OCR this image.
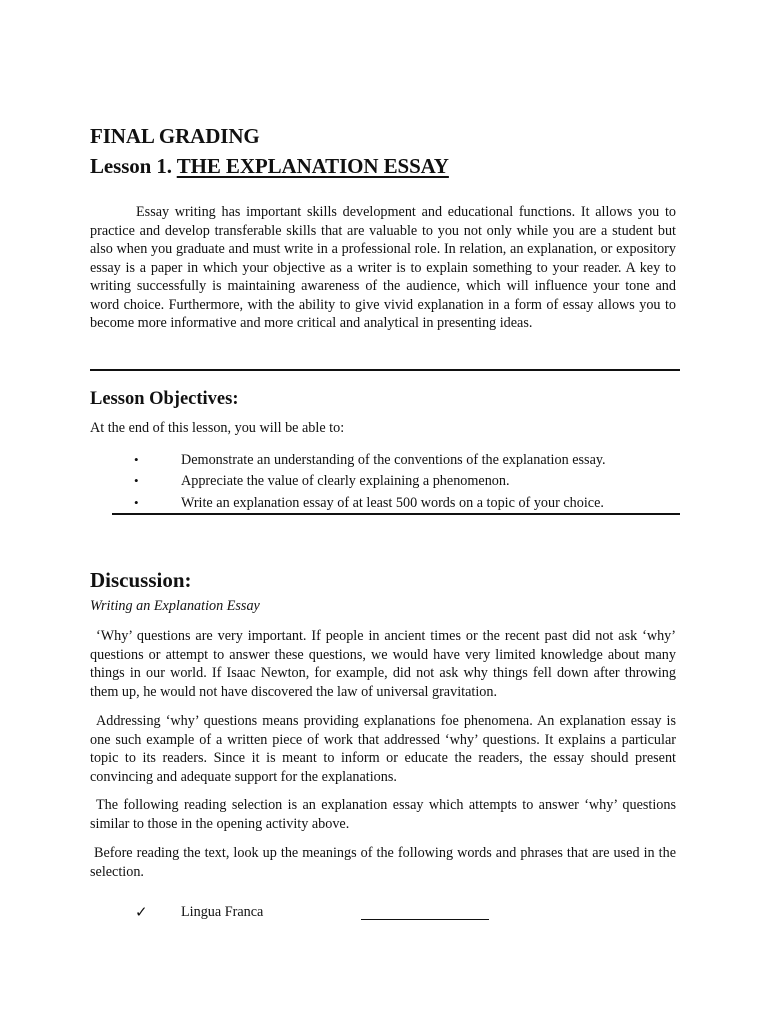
FINAL GRADING
Lesson 1. THE EXPLANATION ESSAY

Essay writing has important skills development and educational functions. It allows you to practice and develop transferable skills that are valuable to you not only while you are a student but also when you graduate and must write in a professional role. In relation, an explanation, or expository essay is a paper in which your objective as a writer is to explain something to your reader. A key to writing successfully is maintaining awareness of the audience, which will influence your tone and word choice. Furthermore, with the ability to give vivid explanation in a form of essay allows you to become more informative and more critical and analytical in presenting ideas.

Lesson Objectives:
At the end of this lesson, you will be able to:
•	Demonstrate an understanding of the conventions of the explanation essay.
•	Appreciate the value of clearly explaining a phenomenon.
•	Write an explanation essay of at least 500 words on a topic of your choice.
Discussion:
Writing an Explanation Essay

‘Why’ questions are very important. If people in ancient times or the recent past did not ask ‘why’ questions or attempt to answer these questions, we would have very limited knowledge about many things in our world. If Isaac Newton, for example, did not ask why things fell down after throwing them up, he would not have discovered the law of universal gravitation.

Addressing ‘why’ questions means providing explanations foe phenomena. An explanation essay is one such example of a written piece of work that addressed ‘why’ questions. It explains a particular topic to its readers. Since it is meant to inform or educate the readers, the essay should present convincing and adequate support for the explanations.

The following reading selection is an explanation essay which attempts to answer ‘why’ questions similar to those in the opening activity above.

Before reading the text, look up the meanings of the following words and phrases that are used in the selection.

✓ Lingua Franca
